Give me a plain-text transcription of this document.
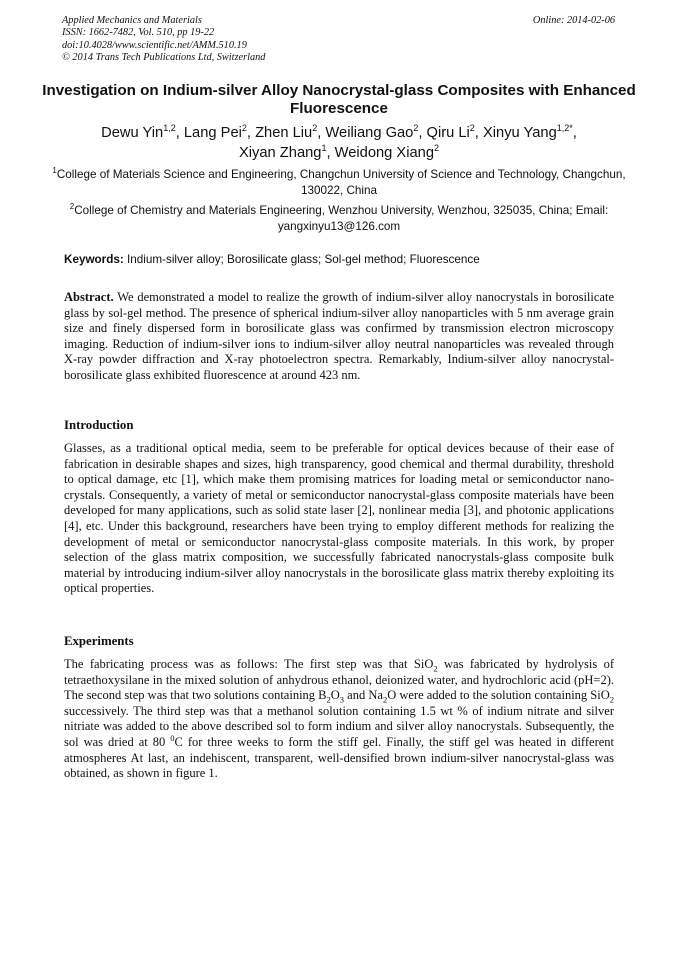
Applied Mechanics and Materials
ISSN: 1662-7482, Vol. 510, pp 19-22
doi:10.4028/www.scientific.net/AMM.510.19
© 2014 Trans Tech Publications Ltd, Switzerland
Online: 2014-02-06
Investigation on Indium-silver Alloy Nanocrystal-glass Composites with Enhanced Fluorescence
Dewu Yin$^{1,2}$, Lang Pei$^2$, Zhen Liu$^2$, Weiliang Gao$^2$, Qiru Li$^2$, Xinyu Yang$^{1,2*}$,
Xiyan Zhang$^1$, Weidong Xiang$^2$
$^1$College of Materials Science and Engineering, Changchun University of Science and Technology, Changchun, 130022, China
$^2$College of Chemistry and Materials Engineering, Wenzhou University, Wenzhou, 325035, China; Email: yangxinyu13@126.com
Keywords: Indium-silver alloy; Borosilicate glass; Sol-gel method; Fluorescence
Abstract. We demonstrated a model to realize the growth of indium-silver alloy nanocrystals in borosilicate glass by sol-gel method. The presence of spherical indium-silver alloy nanoparticles with 5 nm average grain size and finely dispersed form in borosilicate glass was confirmed by transmission electron microscopy imaging. Reduction of indium-silver ions to indium-silver alloy neutral nanoparticles was revealed through X-ray powder diffraction and X-ray photoelectron spectra. Remarkably, Indium-silver alloy nanocrystal-borosilicate glass exhibited fluorescence at around 423 nm.
Introduction
Glasses, as a traditional optical media, seem to be preferable for optical devices because of their ease of fabrication in desirable shapes and sizes, high transparency, good chemical and thermal durability, threshold to optical damage, etc [1], which make them promising matrices for loading metal or semiconductor nano-crystals. Consequently, a variety of metal or semiconductor nanocrystal-glass composite materials have been developed for many applications, such as solid state laser [2], nonlinear media [3], and photonic applications [4], etc. Under this background, researchers have been trying to employ different methods for realizing the development of metal or semiconductor nanocrystal-glass composite materials. In this work, by proper selection of the glass matrix composition, we successfully fabricated nanocrystals-glass composite bulk material by introducing indium-silver alloy nanocrystals in the borosilicate glass matrix thereby exploiting its optical properties.
Experiments
The fabricating process was as follows: The first step was that SiO$_2$ was fabricated by hydrolysis of tetraethoxysilane in the mixed solution of anhydrous ethanol, deionized water, and hydrochloric acid (pH=2). The second step was that two solutions containing $B_2O_3$ and $Na_2O$ were added to the solution containing SiO$_2$ successively. The third step was that a methanol solution containing 1.5 wt % of indium nitrate and silver nitriate was added to the above described sol to form indium and silver alloy nanocrystals. Subsequently, the sol was dried at 80 $^0$C for three weeks to form the stiff gel. Finally, the stiff gel was heated in different atmospheres At last, an indehiscent, transparent, well-densified brown indium-silver nanocrystal-glass was obtained, as shown in figure 1.
